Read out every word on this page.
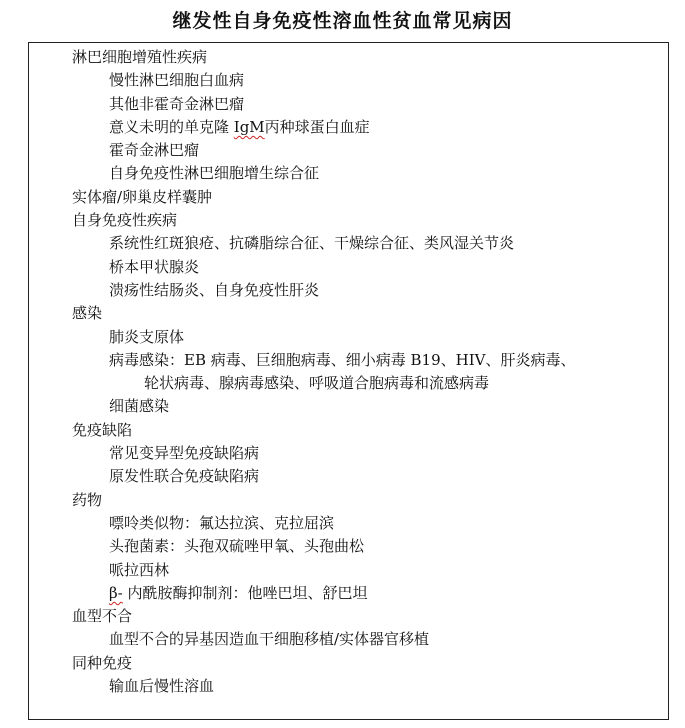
继发性自身免疫性溶血性贫血常见病因
淋巴细胞增殖性疾病
慢性淋巴细胞白血病
其他非霍奇金淋巴瘤
意义未明的单克隆 IgM丙种球蛋白血症
霍奇金淋巴瘤
自身免疫性淋巴细胞增生综合征
实体瘤/卵巢皮样囊肿
自身免疫性疾病
系统性红斑狼疮、抗磷脂综合征、干燥综合征、类风湿关节炎
桥本甲状腺炎
溃疡性结肠炎、自身免疫性肝炎
感染
肺炎支原体
病毒感染：EB 病毒、巨细胞病毒、细小病毒 B19、HIV、肝炎病毒、
轮状病毒、腺病毒感染、呼吸道合胞病毒和流感病毒
细菌感染
免疫缺陷
常见变异型免疫缺陷病
原发性联合免疫缺陷病
药物
嘌呤类似物：氟达拉滨、克拉屈滨
头孢菌素：头孢双硫唑甲氧、头孢曲松
哌拉西林
β- 内酰胺酶抑制剂：他唑巴坦、舒巴坦
血型不合
血型不合的异基因造血干细胞移植/实体器官移植
同种免疫
输血后慢性溶血
